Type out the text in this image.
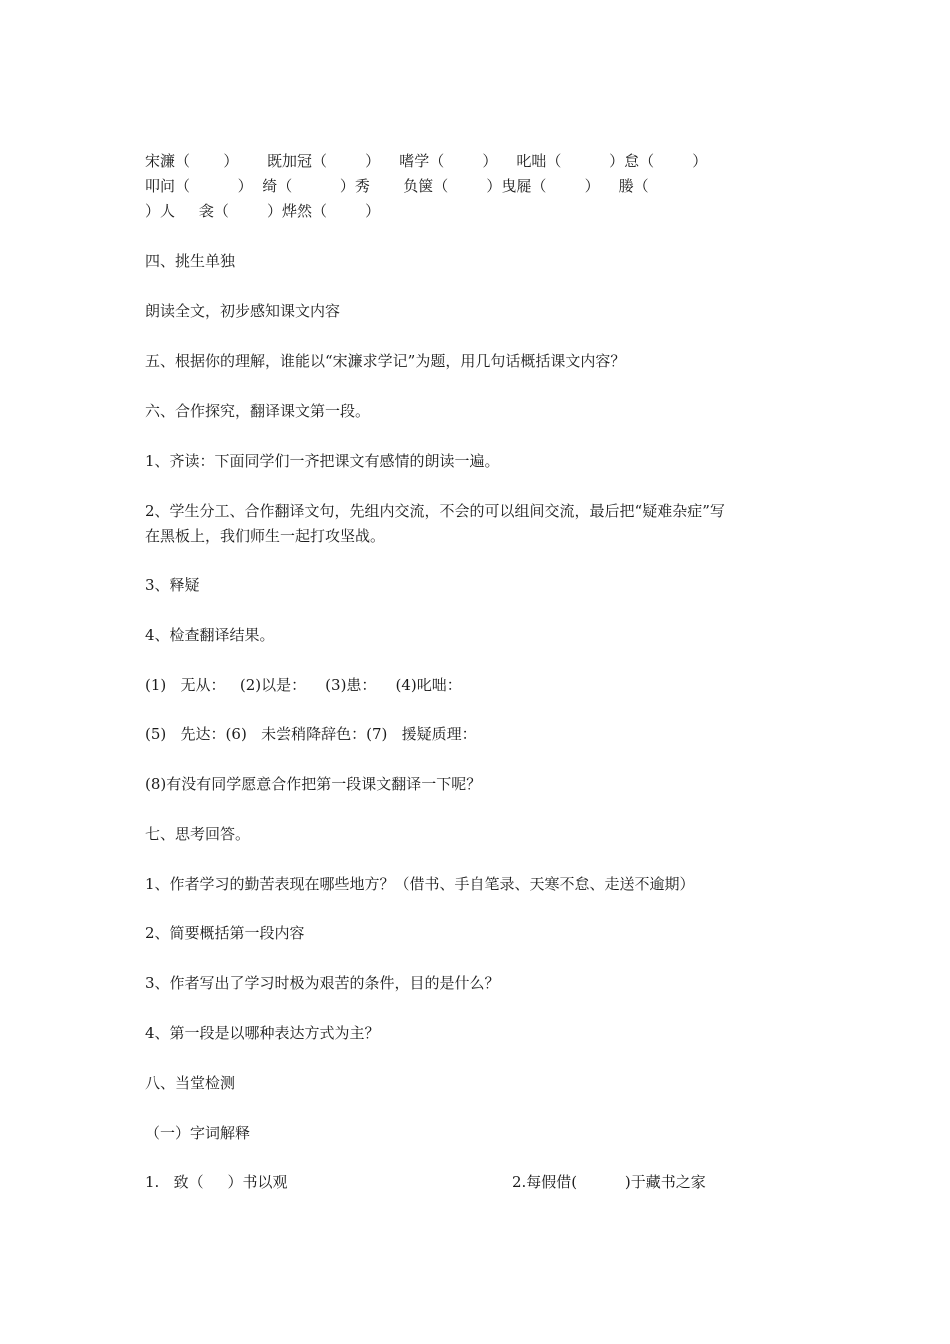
宋濂（       ）      既加冠（        ）    嗜学（        ）    叱咄（          ）怠（        ）
叩问（          ）  绮（          ）秀       负箧（        ）曳屣（        ）    媵（
）人     衾（        ）烨然（        ）
四、挑生单独
朗读全文，初步感知课文内容
五、根据你的理解，谁能以“宋濂求学记”为题，用几句话概括课文内容？
六、合作探究，翻译课文第一段。
1、齐读：下面同学们一齐把课文有感情的朗读一遍。
2、学生分工、合作翻译文句，先组内交流，不会的可以组间交流，最后把“疑难杂症”写
在黑板上，我们师生一起打攻坚战。
3、释疑
4、检查翻译结果。
(1)   无从：   (2)以是：    (3)患：    (4)叱咄：
(5)   先达：(6)   未尝稍降辞色：(7)   援疑质理：
(8)有没有同学愿意合作把第一段课文翻译一下呢？
七、思考回答。
1、作者学习的勤苦表现在哪些地方？（借书、手自笔录、天寒不怠、走送不逾期）
2、简要概括第一段内容
3、作者写出了学习时极为艰苦的条件，目的是什么？
4、第一段是以哪种表达方式为主？
八、当堂检测
（一）字词解释

1.   致（     ）书以观

	2.每假借(          )于藏书之家
